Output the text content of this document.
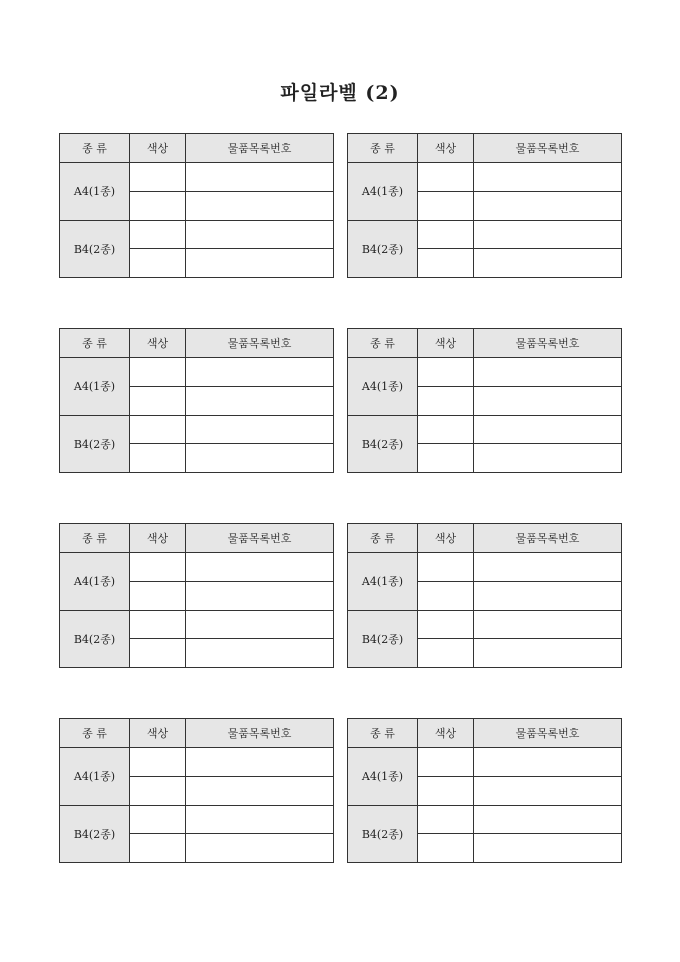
파일라벨 (2)
종 류	색상	물품목록번호
A4(1종)		

B4(2종)		

종 류	색상	물품목록번호
A4(1종)		

B4(2종)		

종 류	색상	물품목록번호
A4(1종)		

B4(2종)		

종 류	색상	물품목록번호
A4(1종)		

B4(2종)		

종 류	색상	물품목록번호
A4(1종)		

B4(2종)		

종 류	색상	물품목록번호
A4(1종)		

B4(2종)		

종 류	색상	물품목록번호
A4(1종)		

B4(2종)		

종 류	색상	물품목록번호
A4(1종)		

B4(2종)		
